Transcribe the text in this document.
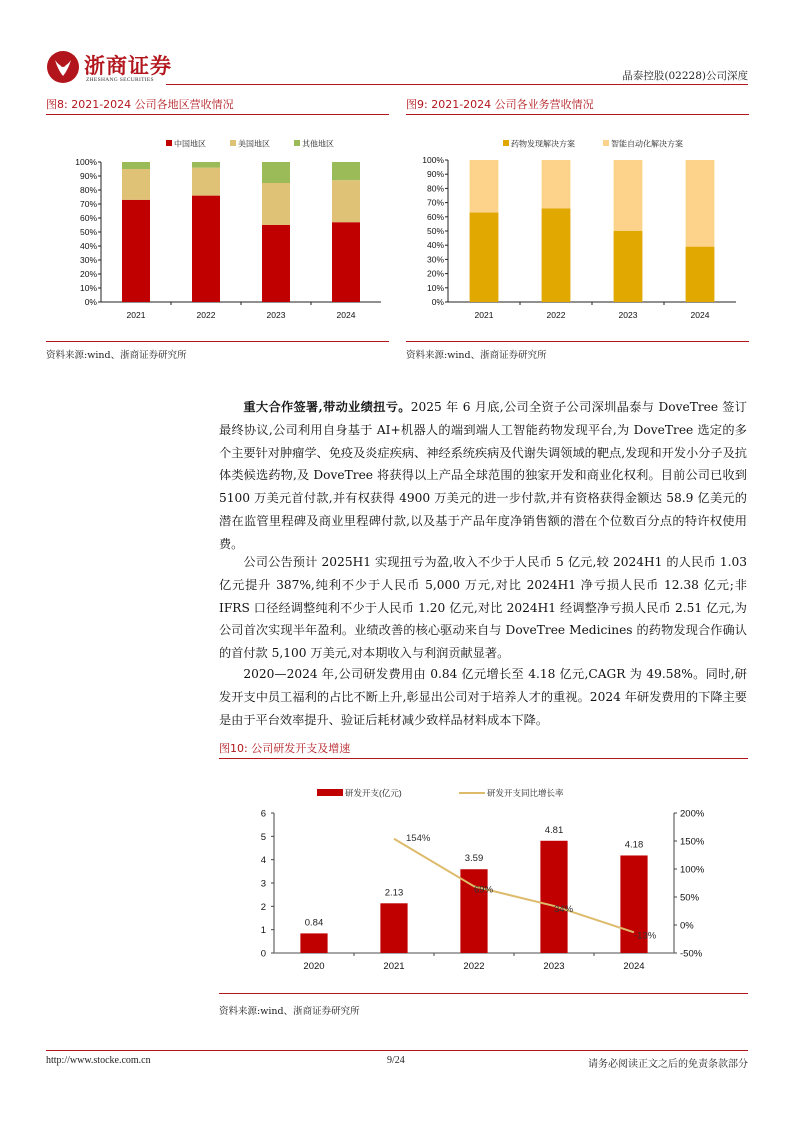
浙商证券
ZHESHANG SECURITIES	晶泰控股(02228)公司深度
图8: 2021-2024 公司各地区营收情况	图9: 2021-2024 公司各业务营收情况
中国地区	美国地区	其他地区
0%
10%
20%
30%
40%
50%
60%
70%
80%
90%
100%
2021	2022	2023	2024
药物发现解决方案	智能自动化解决方案
0%
10%
20%
30%
40%
50%
60%
70%
80%
90%
100%
2021	2022	2023	2024
资料来源:wind、浙商证券研究所	资料来源:wind、浙商证券研究所
重大合作签署,带动业绩扭亏。2025 年 6 月底,公司全资子公司深圳晶泰与 DoveTree 签订最终协议,公司利用自身基于 AI+机器人的端到端人工智能药物发现平台,为 DoveTree 选定的多个主要针对肿瘤学、免疫及炎症疾病、神经系统疾病及代谢失调领域的靶点,发现和开发小分子及抗体类候选药物,及 DoveTree 将获得以上产品全球范围的独家开发和商业化权利。目前公司已收到 5100 万美元首付款,并有权获得 4900 万美元的进一步付款,并有资格获得金额达 58.9 亿美元的潜在监管里程碑及商业里程碑付款,以及基于产品年度净销售额的潜在个位数百分点的特许权使用费。
公司公告预计 2025H1 实现扭亏为盈,收入不少于人民币 5 亿元,较 2024H1 的人民币 1.03 亿元提升 387%,纯利不少于人民币 5,000 万元,对比 2024H1 净亏损人民币 12.38 亿元;非 IFRS 口径经调整纯利不少于人民币 1.20 亿元,对比 2024H1 经调整净亏损人民币 2.51 亿元,为公司首次实现半年盈利。业绩改善的核心驱动来自与 DoveTree Medicines 的药物发现合作确认的首付款 5,100 万美元,对本期收入与利润贡献显著。
2020—2024 年,公司研发费用由 0.84 亿元增长至 4.18 亿元,CAGR 为 49.58%。同时,研发开支中员工福利的占比不断上升,彰显出公司对于培养人才的重视。2024 年研发费用的下降主要是由于平台效率提升、验证后耗材减少致样品材料成本下降。
图10: 公司研发开支及增速
研发开支(亿元)	研发开支同比增长率
0
1
2
3
4
5
6
-50%
0%
50%
100%
150%
200%
0.84
2020
2.13
2021
3.59
2022
4.81
2023
4.18
2024
154%
69%
34%
-13%
资料来源:wind、浙商证券研究所
http://www.stocke.com.cn	9/24	请务必阅读正文之后的免责条款部分
